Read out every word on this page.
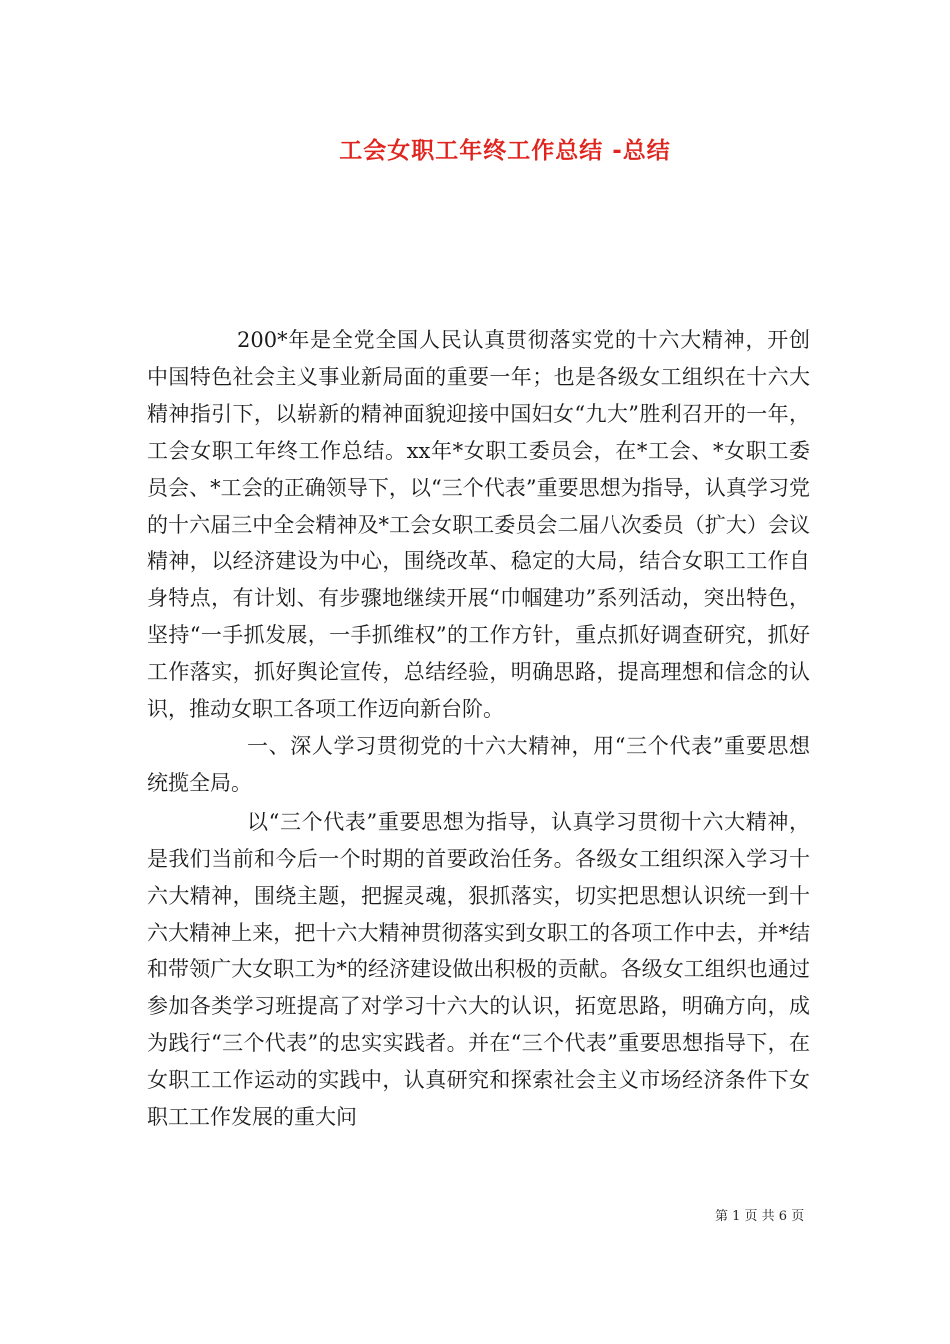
工会女职工年终工作总结 -总结

200*年是全党全国人民认真贯彻落实党的十六大精神，开创中国特色社会主义事业新局面的重要一年；也是各级女工组织在十六大精神指引下，以崭新的精神面貌迎接中国妇女“九大”胜利召开的一年，工会女职工年终工作总结。xx年*女职工委员会，在*工会、*女职工委员会、*工会的正确领导下，以“三个代表”重要思想为指导，认真学习党的十六届三中全会精神及*工会女职工委员会二届八次委员（扩大）会议精神，以经济建设为中心，围绕改革、稳定的大局，结合女职工工作自身特点，有计划、有步骤地继续开展“巾帼建功”系列活动，突出特色，坚持“一手抓发展，一手抓维权”的工作方针，重点抓好调查研究，抓好工作落实，抓好舆论宣传，总结经验，明确思路，提高理想和信念的认识，推动女职工各项工作迈向新台阶。

一、深人学习贯彻党的十六大精神，用“三个代表”重要思想统揽全局。

以“三个代表”重要思想为指导，认真学习贯彻十六大精神，是我们当前和今后一个时期的首要政治任务。各级女工组织深入学习十六大精神，围绕主题，把握灵魂，狠抓落实，切实把思想认识统一到十六大精神上来，把十六大精神贯彻落实到女职工的各项工作中去，并*结和带领广大女职工为*的经济建设做出积极的贡献。各级女工组织也通过参加各类学习班提高了对学习十六大的认识，拓宽思路，明确方向，成为践行“三个代表”的忠实实践者。并在“三个代表”重要思想指导下，在女职工工作运动的实践中，认真研究和探索社会主义市场经济条件下女职工工作发展的重大问

第 1 页 共 6 页
